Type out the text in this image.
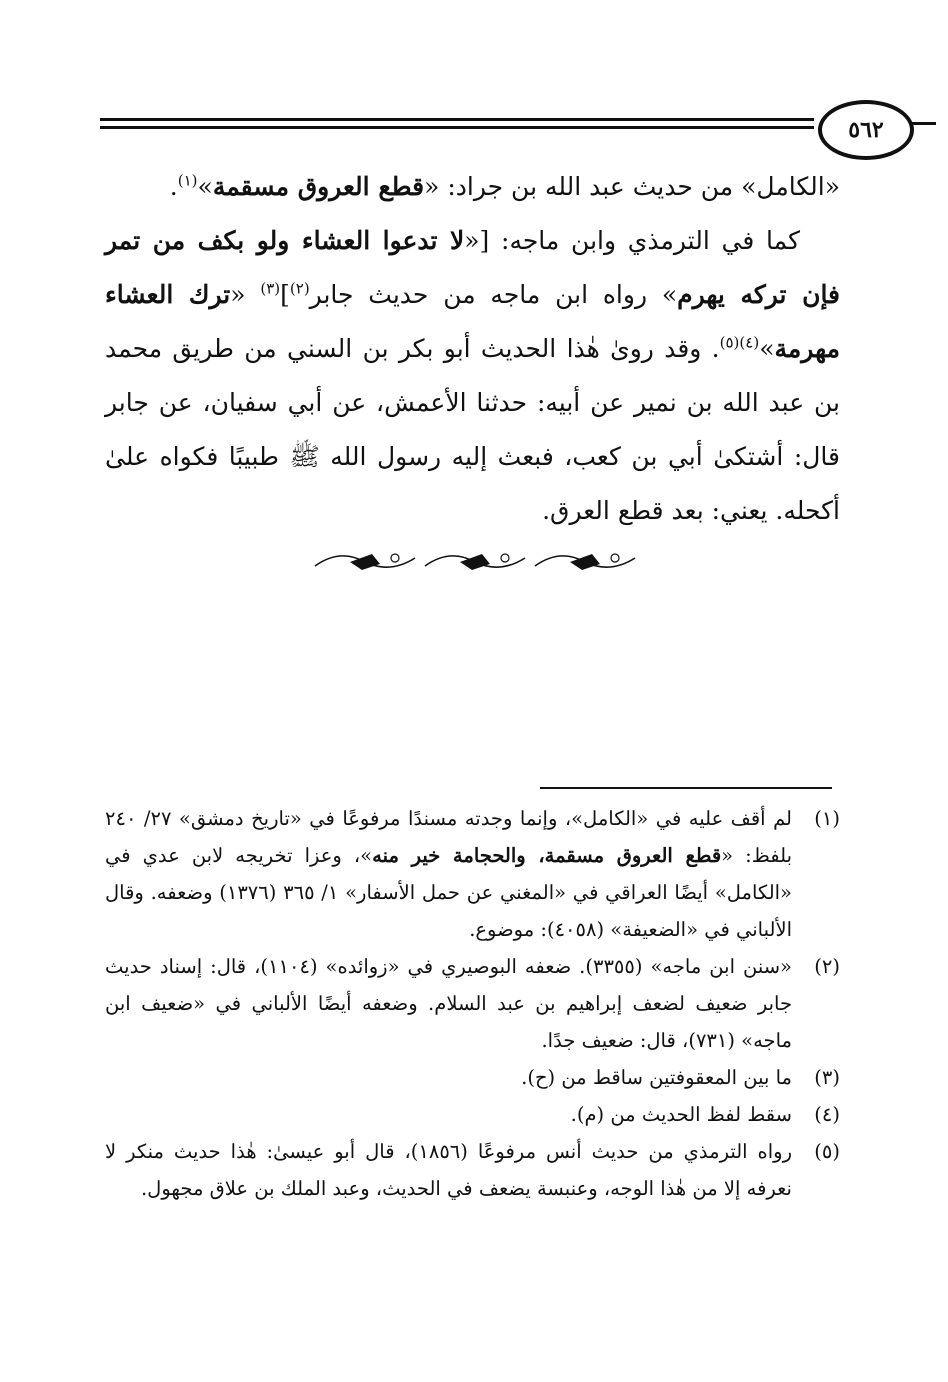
٥٦٢

«الكامل» من حديث عبد الله بن جراد: «قطع العروق مسقمة»$^{(١)}$.

كما في الترمذي وابن ماجه: [«لا تدعوا العشاء ولو بكف من تمر فإن تركه يهرم» رواه ابن ماجه من حديث جابر$^{(٢)}$]$^{(٣)}$ «ترك العشاء مهرمة»$^{(٤)(٥)}$. وقد روىٰ هٰذا الحديث أبو بكر بن السني من طريق محمد بن عبد الله بن نمير عن أبيه: حدثنا الأعمش، عن أبي سفيان، عن جابر قال: أشتكىٰ أبي بن كعب، فبعث إليه رسول الله ﷺ طبيبًا فكواه علىٰ أكحله. يعني: بعد قطع العرق.

(١)
لم أقف عليه في «الكامل»، وإنما وجدته مسندًا مرفوعًا في «تاريخ دمشق» ٢٧/ ٢٤٠ بلفظ: «قطع العروق مسقمة، والحجامة خير منه»، وعزا تخريجه لابن عدي في «الكامل» أيضًا العراقي في «المغني عن حمل الأسفار» ١/ ٣٦٥ (١٣٧٦) وضعفه. وقال الألباني في «الضعيفة» (٤٠٥٨): موضوع.
(٢)
«سنن ابن ماجه» (٣٣٥٥). ضعفه البوصيري في «زوائده» (١١٠٤)، قال: إسناد حديث جابر ضعيف لضعف إبراهيم بن عبد السلام. وضعفه أيضًا الألباني في «ضعيف ابن ماجه» (٧٣١)، قال: ضعيف جدًا.
(٣)
ما بين المعقوفتين ساقط من (ح).
(٤)
سقط لفظ الحديث من (م).
(٥)
رواه الترمذي من حديث أنس مرفوعًا (١٨٥٦)، قال أبو عيسىٰ: هٰذا حديث منكر لا نعرفه إلا من هٰذا الوجه، وعنبسة يضعف في الحديث، وعبد الملك بن علاق مجهول.
